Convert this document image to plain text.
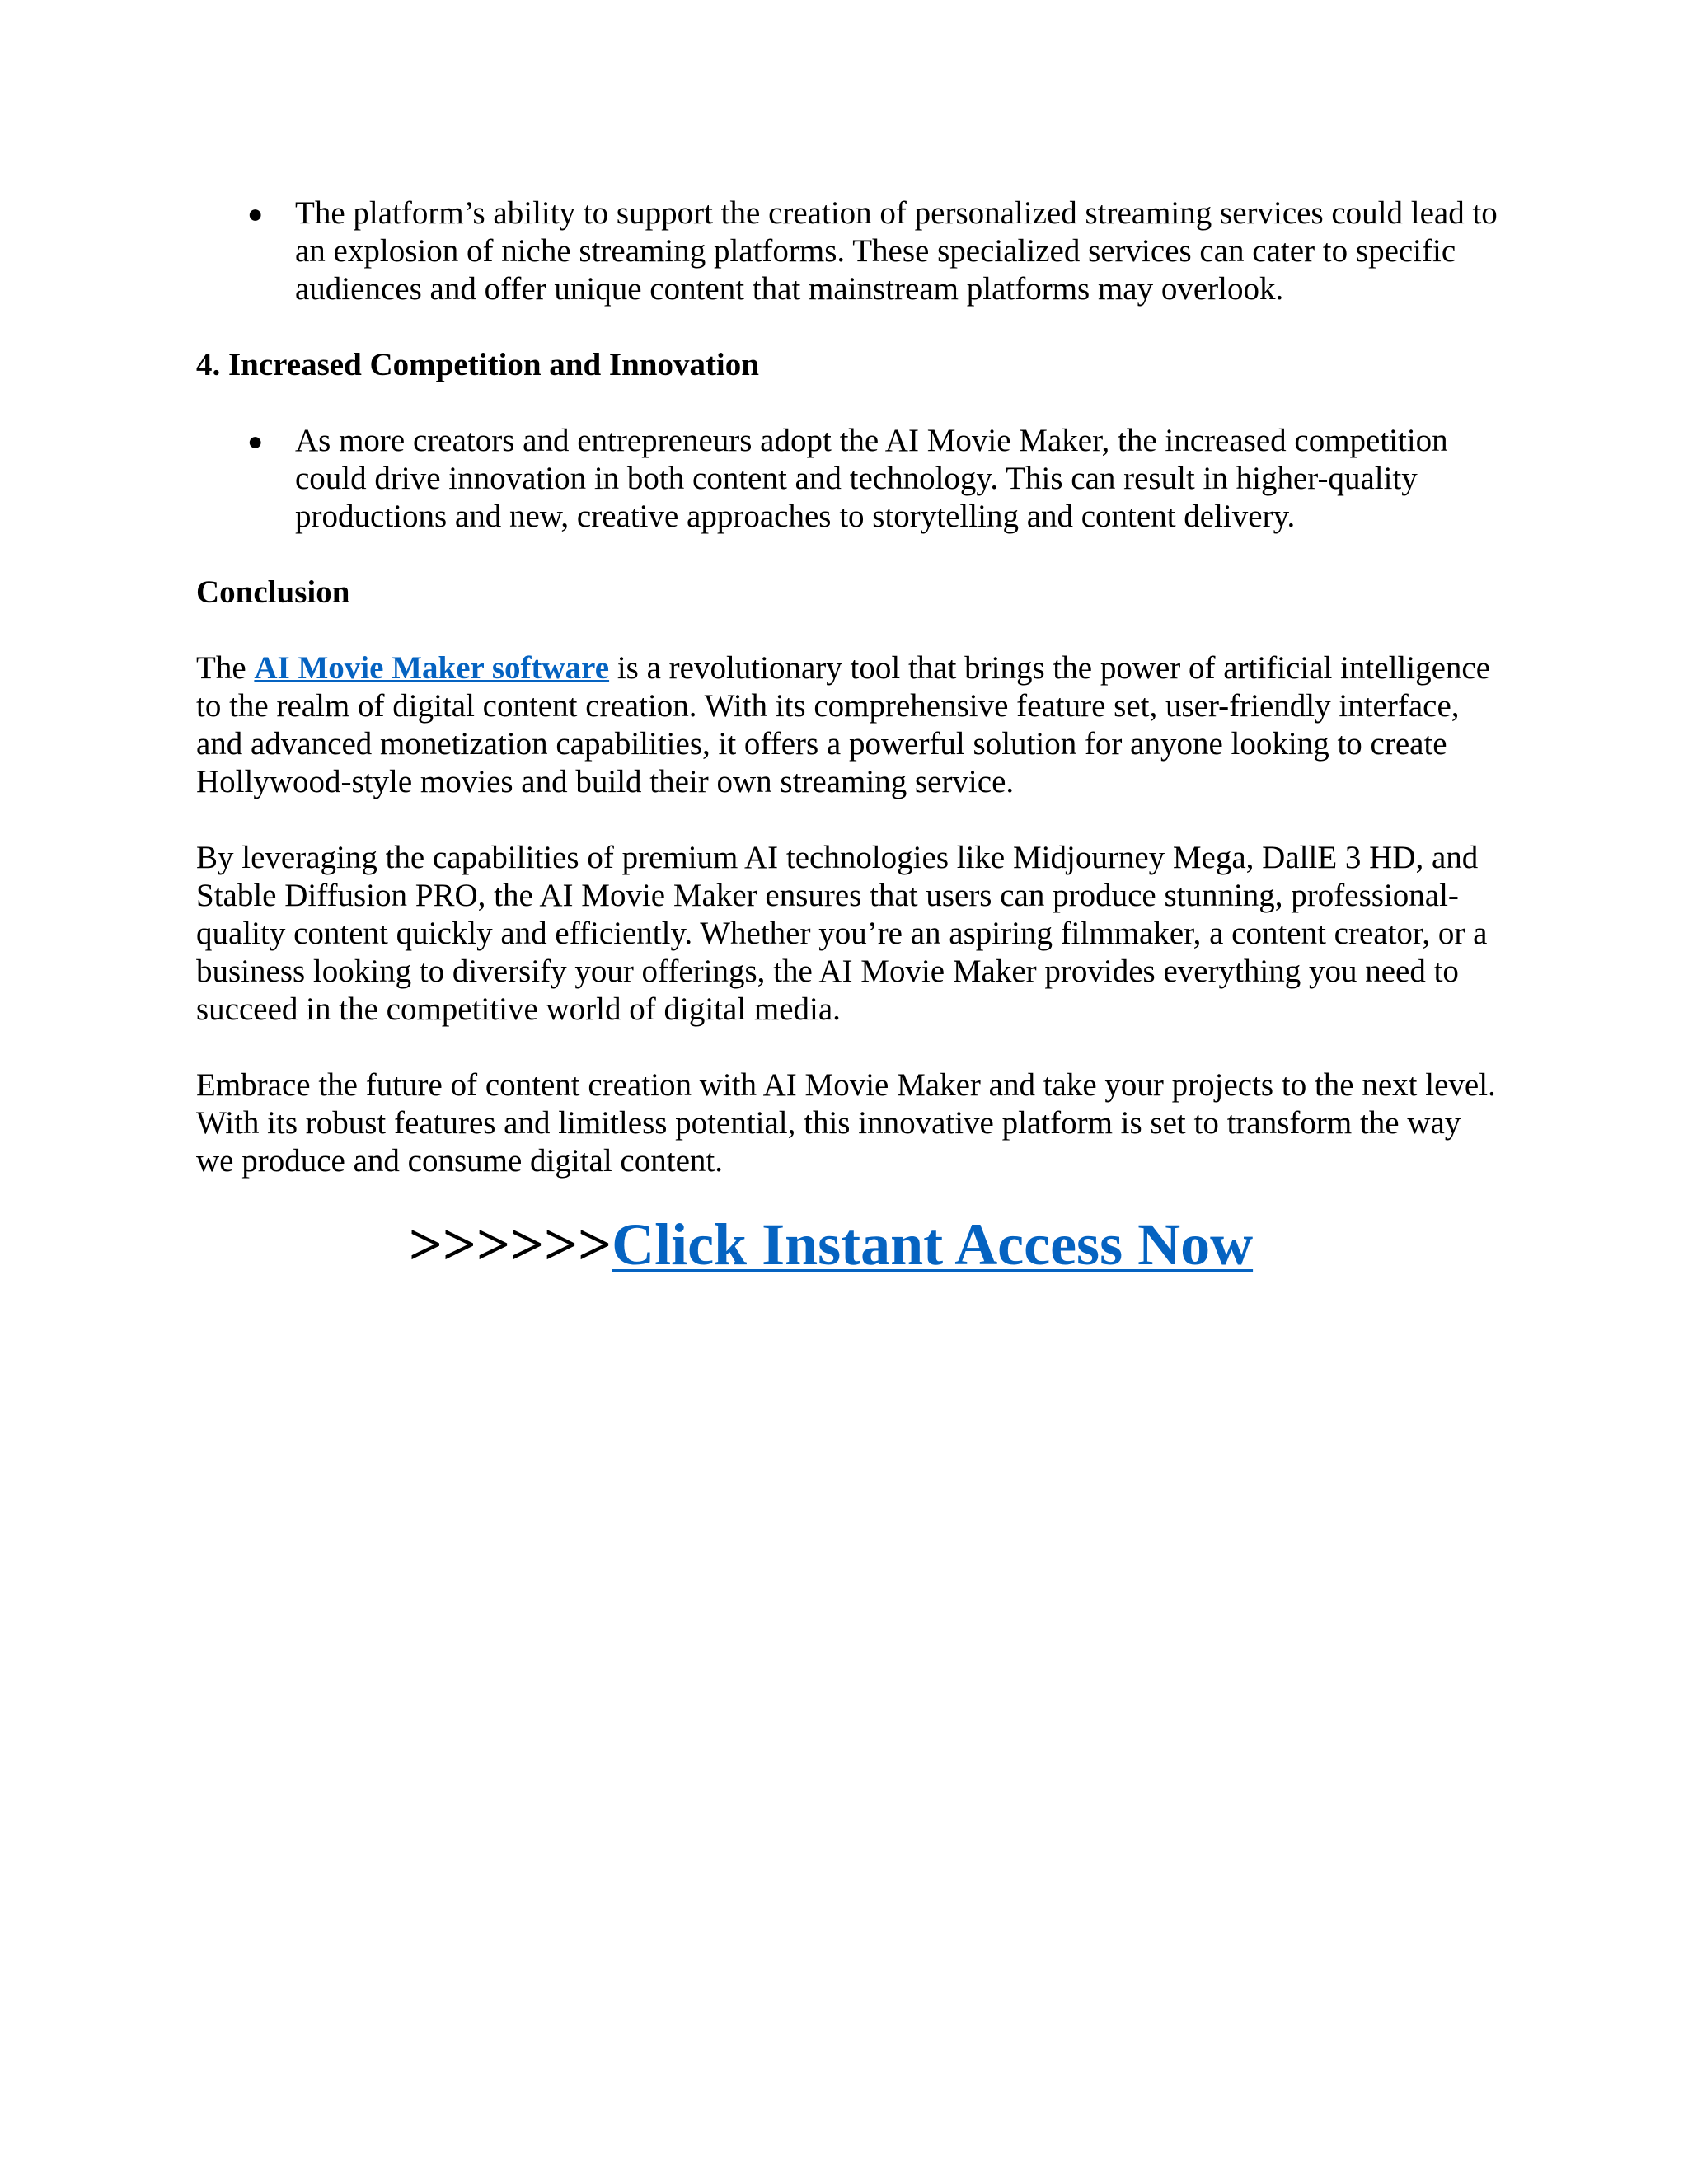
● The platform’s ability to support the creation of personalized streaming services could lead to an explosion of niche streaming platforms. These specialized services can cater to specific audiences and offer unique content that mainstream platforms may overlook.

4. Increased Competition and Innovation

● As more creators and entrepreneurs adopt the AI Movie Maker, the increased competition could drive innovation in both content and technology. This can result in higher-quality productions and new, creative approaches to storytelling and content delivery.

Conclusion

The AI Movie Maker software is a revolutionary tool that brings the power of artificial intelligence to the realm of digital content creation. With its comprehensive feature set, user-friendly interface, and advanced monetization capabilities, it offers a powerful solution for anyone looking to create Hollywood-style movies and build their own streaming service.

By leveraging the capabilities of premium AI technologies like Midjourney Mega, DallE 3 HD, and Stable Diffusion PRO, the AI Movie Maker ensures that users can produce stunning, professional-quality content quickly and efficiently. Whether you’re an aspiring filmmaker, a content creator, or a business looking to diversify your offerings, the AI Movie Maker provides everything you need to succeed in the competitive world of digital media.

Embrace the future of content creation with AI Movie Maker and take your projects to the next level. With its robust features and limitless potential, this innovative platform is set to transform the way we produce and consume digital content.

>>>>>>Click Instant Access Now
